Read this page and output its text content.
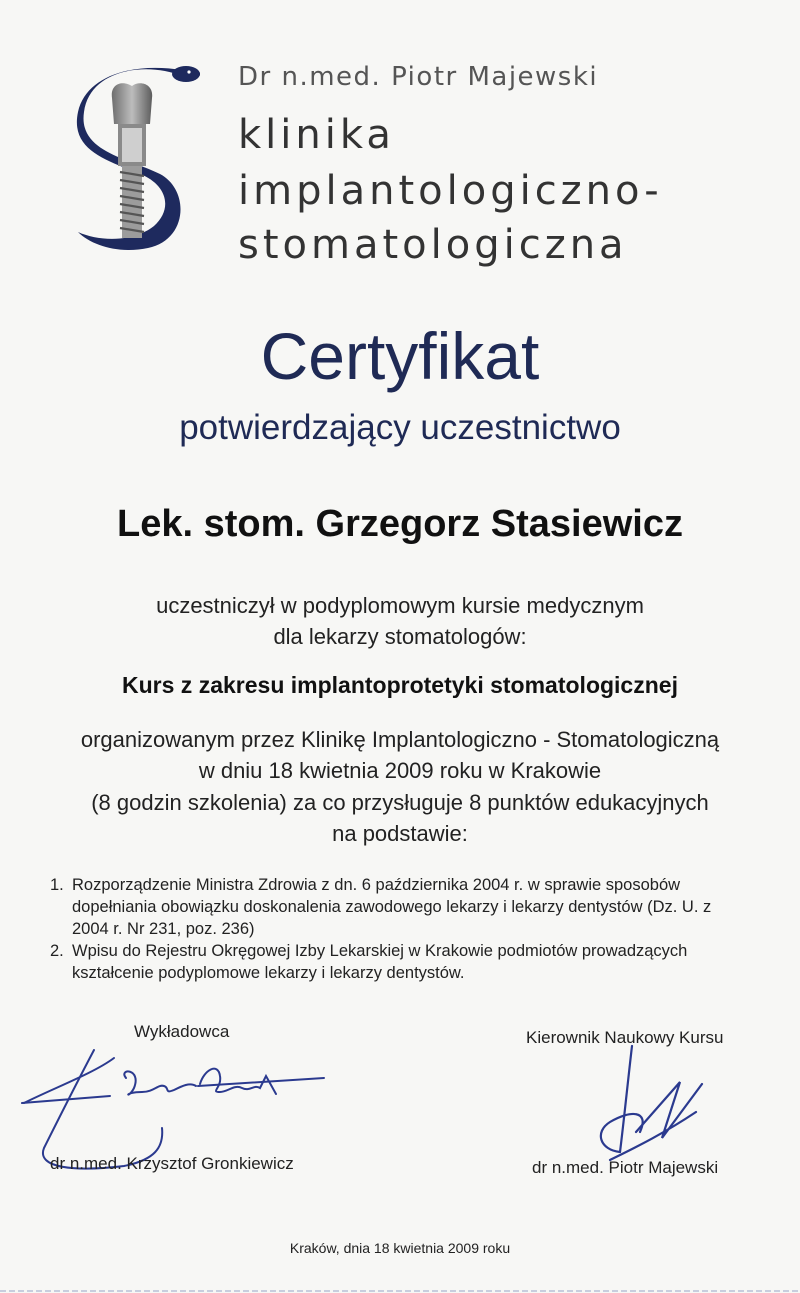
Dr n.med. Piotr Majewski
klinika
implantologiczno-
stomatologiczna
Certyfikat
potwierdzający uczestnictwo
Lek. stom. Grzegorz Stasiewicz
uczestniczył w podyplomowym kursie medycznym
dla lekarzy stomatologów:
Kurs z zakresu implantoprotetyki stomatologicznej
organizowanym przez Klinikę Implantologiczno - Stomatologiczną
w dniu 18 kwietnia 2009 roku w Krakowie
(8 godzin szkolenia) za co przysługuje 8 punktów edukacyjnych
na podstawie:
1. Rozporządzenie Ministra Zdrowia z dn. 6 października 2004 r. w sprawie sposobów dopełniania obowiązku doskonalenia zawodowego lekarzy i lekarzy dentystów (Dz. U. z 2004 r. Nr 231, poz. 236)
2. Wpisu do Rejestru Okręgowej Izby Lekarskiej w Krakowie podmiotów prowadzących kształcenie podyplomowe lekarzy i lekarzy dentystów.
Wykładowca
dr n.med. Krzysztof Gronkiewicz
Kierownik Naukowy Kursu
dr n.med. Piotr Majewski
Kraków, dnia 18 kwietnia 2009 roku
